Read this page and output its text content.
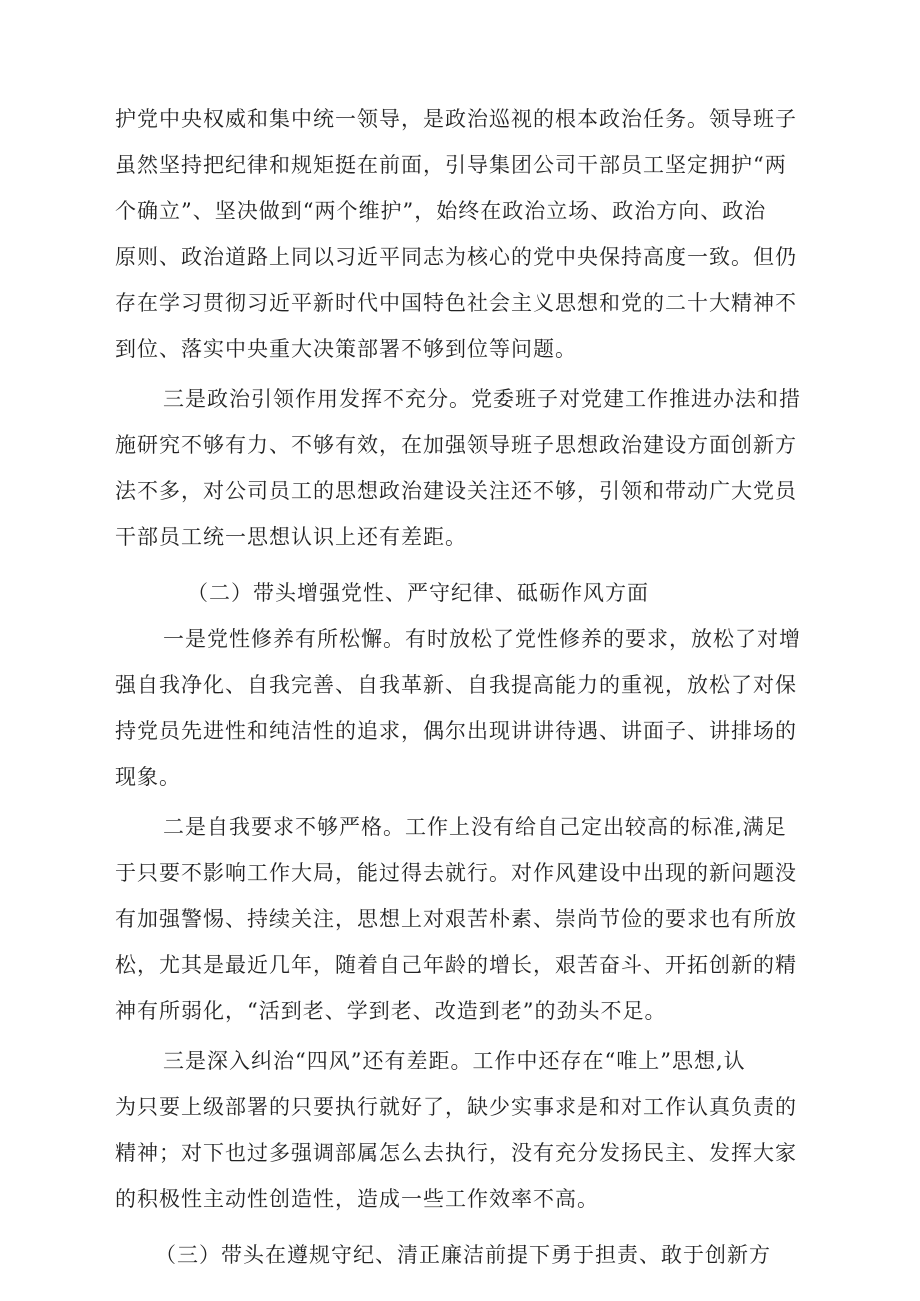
护党中央权威和集中统一领导，是政治巡视的根本政治任务。领导班子
虽然坚持把纪律和规矩挺在前面，引导集团公司干部员工坚定拥护“两
个确立”、坚决做到“两个维护”，始终在政治立场、政治方向、政治
原则、政治道路上同以习近平同志为核心的党中央保持高度一致。但仍
存在学习贯彻习近平新时代中国特色社会主义思想和党的二十大精神不
到位、落实中央重大决策部署不够到位等问题。
三是政治引领作用发挥不充分。党委班子对党建工作推进办法和措
施研究不够有力、不够有效，在加强领导班子思想政治建设方面创新方
法不多，对公司员工的思想政治建设关注还不够，引领和带动广大党员
干部员工统一思想认识上还有差距。
（二）带头增强党性、严守纪律、砥砺作风方面
一是党性修养有所松懈。有时放松了党性修养的要求，放松了对增
强自我净化、自我完善、自我革新、自我提高能力的重视，放松了对保
持党员先进性和纯洁性的追求，偶尔出现讲讲待遇、讲面子、讲排场的
现象。
二是自我要求不够严格。工作上没有给自己定出较高的标准,满足
于只要不影响工作大局，能过得去就行。对作风建设中出现的新问题没
有加强警惕、持续关注，思想上对艰苦朴素、崇尚节俭的要求也有所放
松，尤其是最近几年，随着自己年龄的增长，艰苦奋斗、开拓创新的精
神有所弱化，“活到老、学到老、改造到老”的劲头不足。
三是深入纠治“四风”还有差距。工作中还存在“唯上”思想,认
为只要上级部署的只要执行就好了，缺少实事求是和对工作认真负责的
精神；对下也过多强调部属怎么去执行，没有充分发扬民主、发挥大家
的积极性主动性创造性，造成一些工作效率不高。
（三）带头在遵规守纪、清正廉洁前提下勇于担责、敢于创新方
